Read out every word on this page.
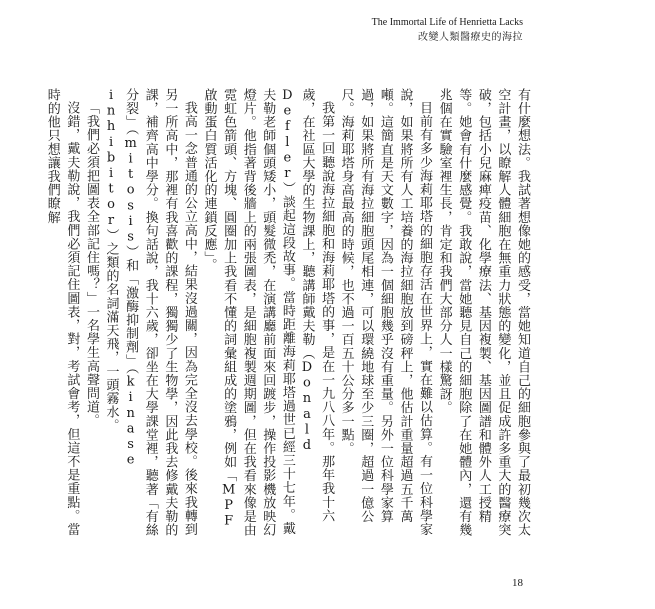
The Immortal Life of Henrietta Lacks
改變人類醫療史的海拉

有什麼想法。我試著想像她的感受，當她知道自己的細胞參與了最初幾次太空計畫，以瞭解人體細胞在無重力狀態的變化，並且促成許多重大的醫療突破，包括小兒麻痺疫苗、化學療法、基因複製、基因圖譜和體外人工授精等。她會有什麼感覺。我敢說，當她聽見自己的細胞除了在她體內，還有幾兆個在實驗室裡生長，肯定和我們大部分人一樣驚訝。

目前有多少海莉耶塔的細胞存活在世界上，實在難以估算。有一位科學家說，如果將所有人工培養的海拉細胞放到磅秤上，他估計重量超過五千萬噸。這簡直是天文數字，因為一個細胞幾乎沒有重量。另外一位科學家算過，如果將所有海拉細胞頭尾相連，可以環繞地球至少三圈，超過一億公尺。海莉耶塔身高最高的時候，也不過一百五十公分多一點。

我第一回聽說海拉細胞和海莉耶塔的事，是在一九八八年。那年我十六歲，在社區大學的生物課上，聽講師戴夫勒（Donald Defler）談起這段故事。當時距離海莉耶塔過世已經三十七年。戴夫勒老師個頭矮小，頭髮微禿，在演講廳前面來回踱步，操作投影機放映幻燈片。他指著背後牆上的兩張圖表，是細胞複製週期圖，但在我看來像是由霓虹色箭頭、方塊、圓圈加上我看不懂的詞彙組成的塗鴉，例如「MPF啟動蛋白質活化的連鎖反應」。

我高一念普通的公立高中，結果沒過關，因為完全沒去學校。後來我轉到另一所高中，那裡有我喜歡的課程，獨獨少了生物學，因此我去修戴夫勒的課，補齊高中學分。換句話說，我十六歲，卻坐在大學課堂裡，聽著「有絲分裂」（mitosis）和「激酶抑制劑」（kinase inhibitor）之類的名詞滿天飛，一頭霧水。

「我們必須把圖表全部記住嗎？」一名學生高聲問道。

沒錯，戴夫勒說，我們必須記住圖表，對，考試會考，但這不是重點。當時的他只想讓我們瞭解

18
